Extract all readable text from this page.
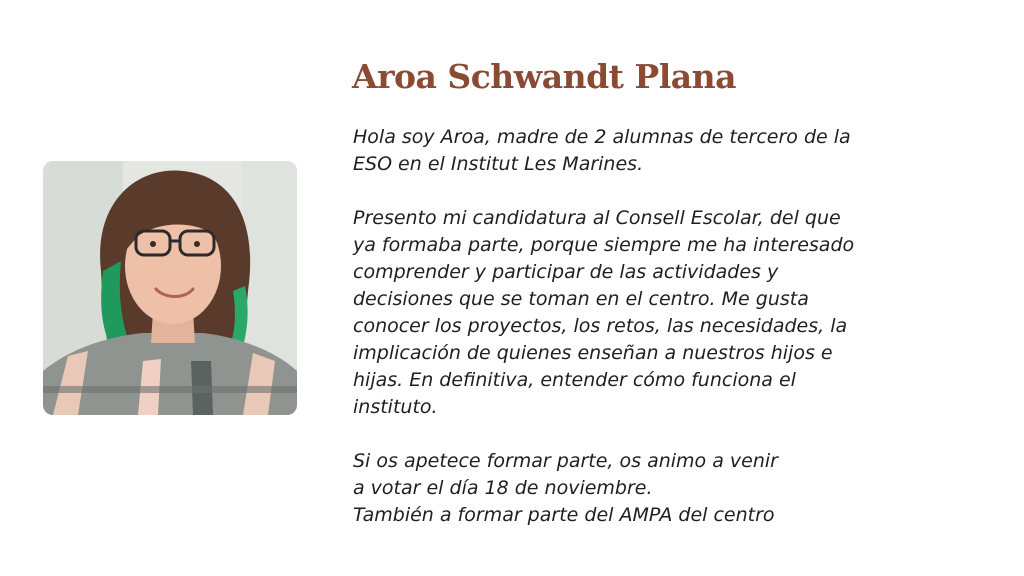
Aroa Schwandt Plana

Hola soy Aroa, madre de 2 alumnas de tercero de la
ESO en el Institut Les Marines.

Presento mi candidatura al Consell Escolar, del que
ya formaba parte, porque siempre me ha interesado
comprender y participar de las actividades y
decisiones que se toman en el centro. Me gusta
conocer los proyectos, los retos, las necesidades, la
implicación de quienes enseñan a nuestros hijos e
hijas. En definitiva, entender cómo funciona el
instituto.

Si os apetece formar parte, os animo a venir
a votar el día 18 de noviembre.
También a formar parte del AMPA del centro
